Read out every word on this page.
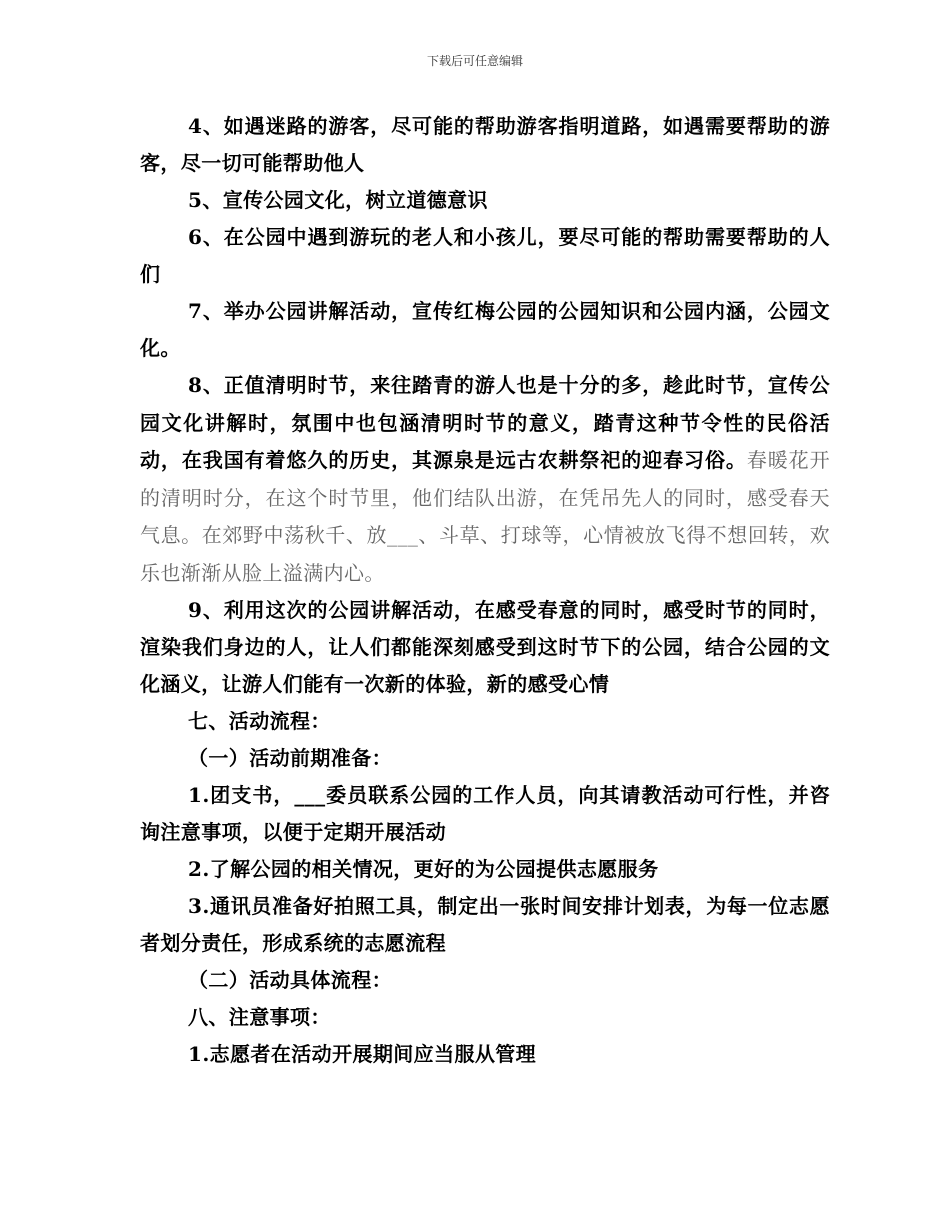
下载后可任意编辑

4、如遇迷路的游客，尽可能的帮助游客指明道路，如遇需要帮助的游客，尽一切可能帮助他人

5、宣传公园文化，树立道德意识

6、在公园中遇到游玩的老人和小孩儿，要尽可能的帮助需要帮助的人们

7、举办公园讲解活动，宣传红梅公园的公园知识和公园内涵，公园文化。

8、正值清明时节，来往踏青的游人也是十分的多，趁此时节，宣传公园文化讲解时，氛围中也包涵清明时节的意义，踏青这种节令性的民俗活动，在我国有着悠久的历史，其源泉是远古农耕祭祀的迎春习俗。春暖花开的清明时分，在这个时节里，他们结队出游，在凭吊先人的同时，感受春天气息。在郊野中荡秋千、放___、斗草、打球等，心情被放飞得不想回转，欢乐也渐渐从脸上溢满内心。

9、利用这次的公园讲解活动，在感受春意的同时，感受时节的同时，渲染我们身边的人，让人们都能深刻感受到这时节下的公园，结合公园的文化涵义，让游人们能有一次新的体验，新的感受心情

七、活动流程：

（一）活动前期准备：

1.团支书，___委员联系公园的工作人员，向其请教活动可行性，并咨询注意事项，以便于定期开展活动

2.了解公园的相关情况，更好的为公园提供志愿服务

3.通讯员准备好拍照工具，制定出一张时间安排计划表，为每一位志愿者划分责任，形成系统的志愿流程

（二）活动具体流程：

八、注意事项：

1.志愿者在活动开展期间应当服从管理
